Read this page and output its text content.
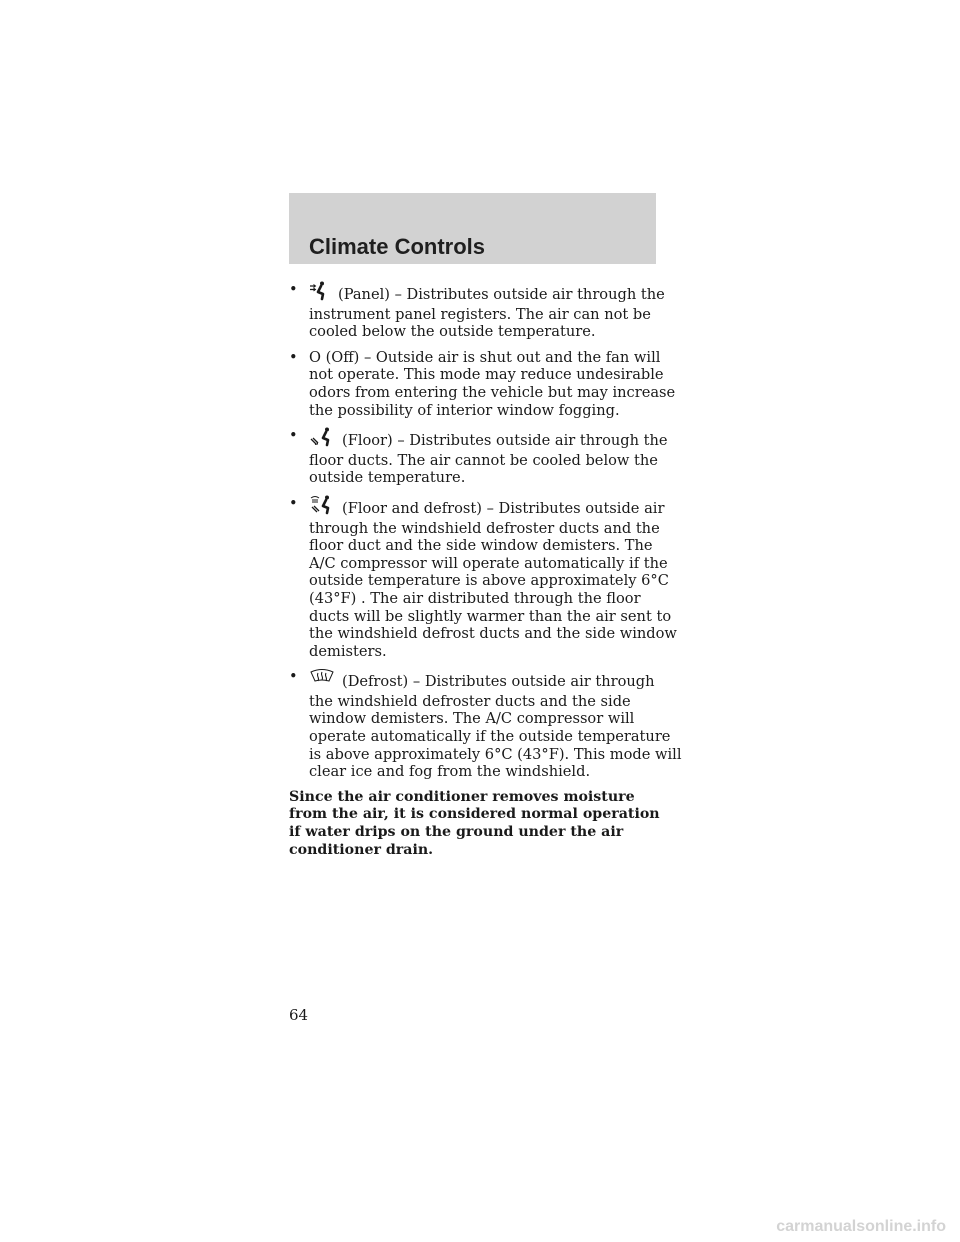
Climate Controls
•	(Panel) – Distributes outside air through the
instrument panel registers. The air can not be
cooled below the outside temperature.
• O (Off) – Outside air is shut out and the fan will
not operate. This mode may reduce undesirable
odors from entering the vehicle but may increase
the possibility of interior window fogging.
•	(Floor) – Distributes outside air through the
floor ducts. The air cannot be cooled below the
outside temperature.
•	(Floor and defrost) – Distributes outside air
through the windshield defroster ducts and the
floor duct and the side window demisters. The
A/C compressor will operate automatically if the
outside temperature is above approximately 6°C
(43°F) . The air distributed through the floor
ducts will be slightly warmer than the air sent to
the windshield defrost ducts and the side window
demisters.
•	(Defrost) – Distributes outside air through
the windshield defroster ducts and the side
window demisters. The A/C compressor will
operate automatically if the outside temperature
is above approximately 6°C (43°F). This mode will
clear ice and fog from the windshield.

Since the air conditioner removes moisture
from the air, it is considered normal operation
if water drips on the ground under the air
conditioner drain.

64
carmanualsonline.info
